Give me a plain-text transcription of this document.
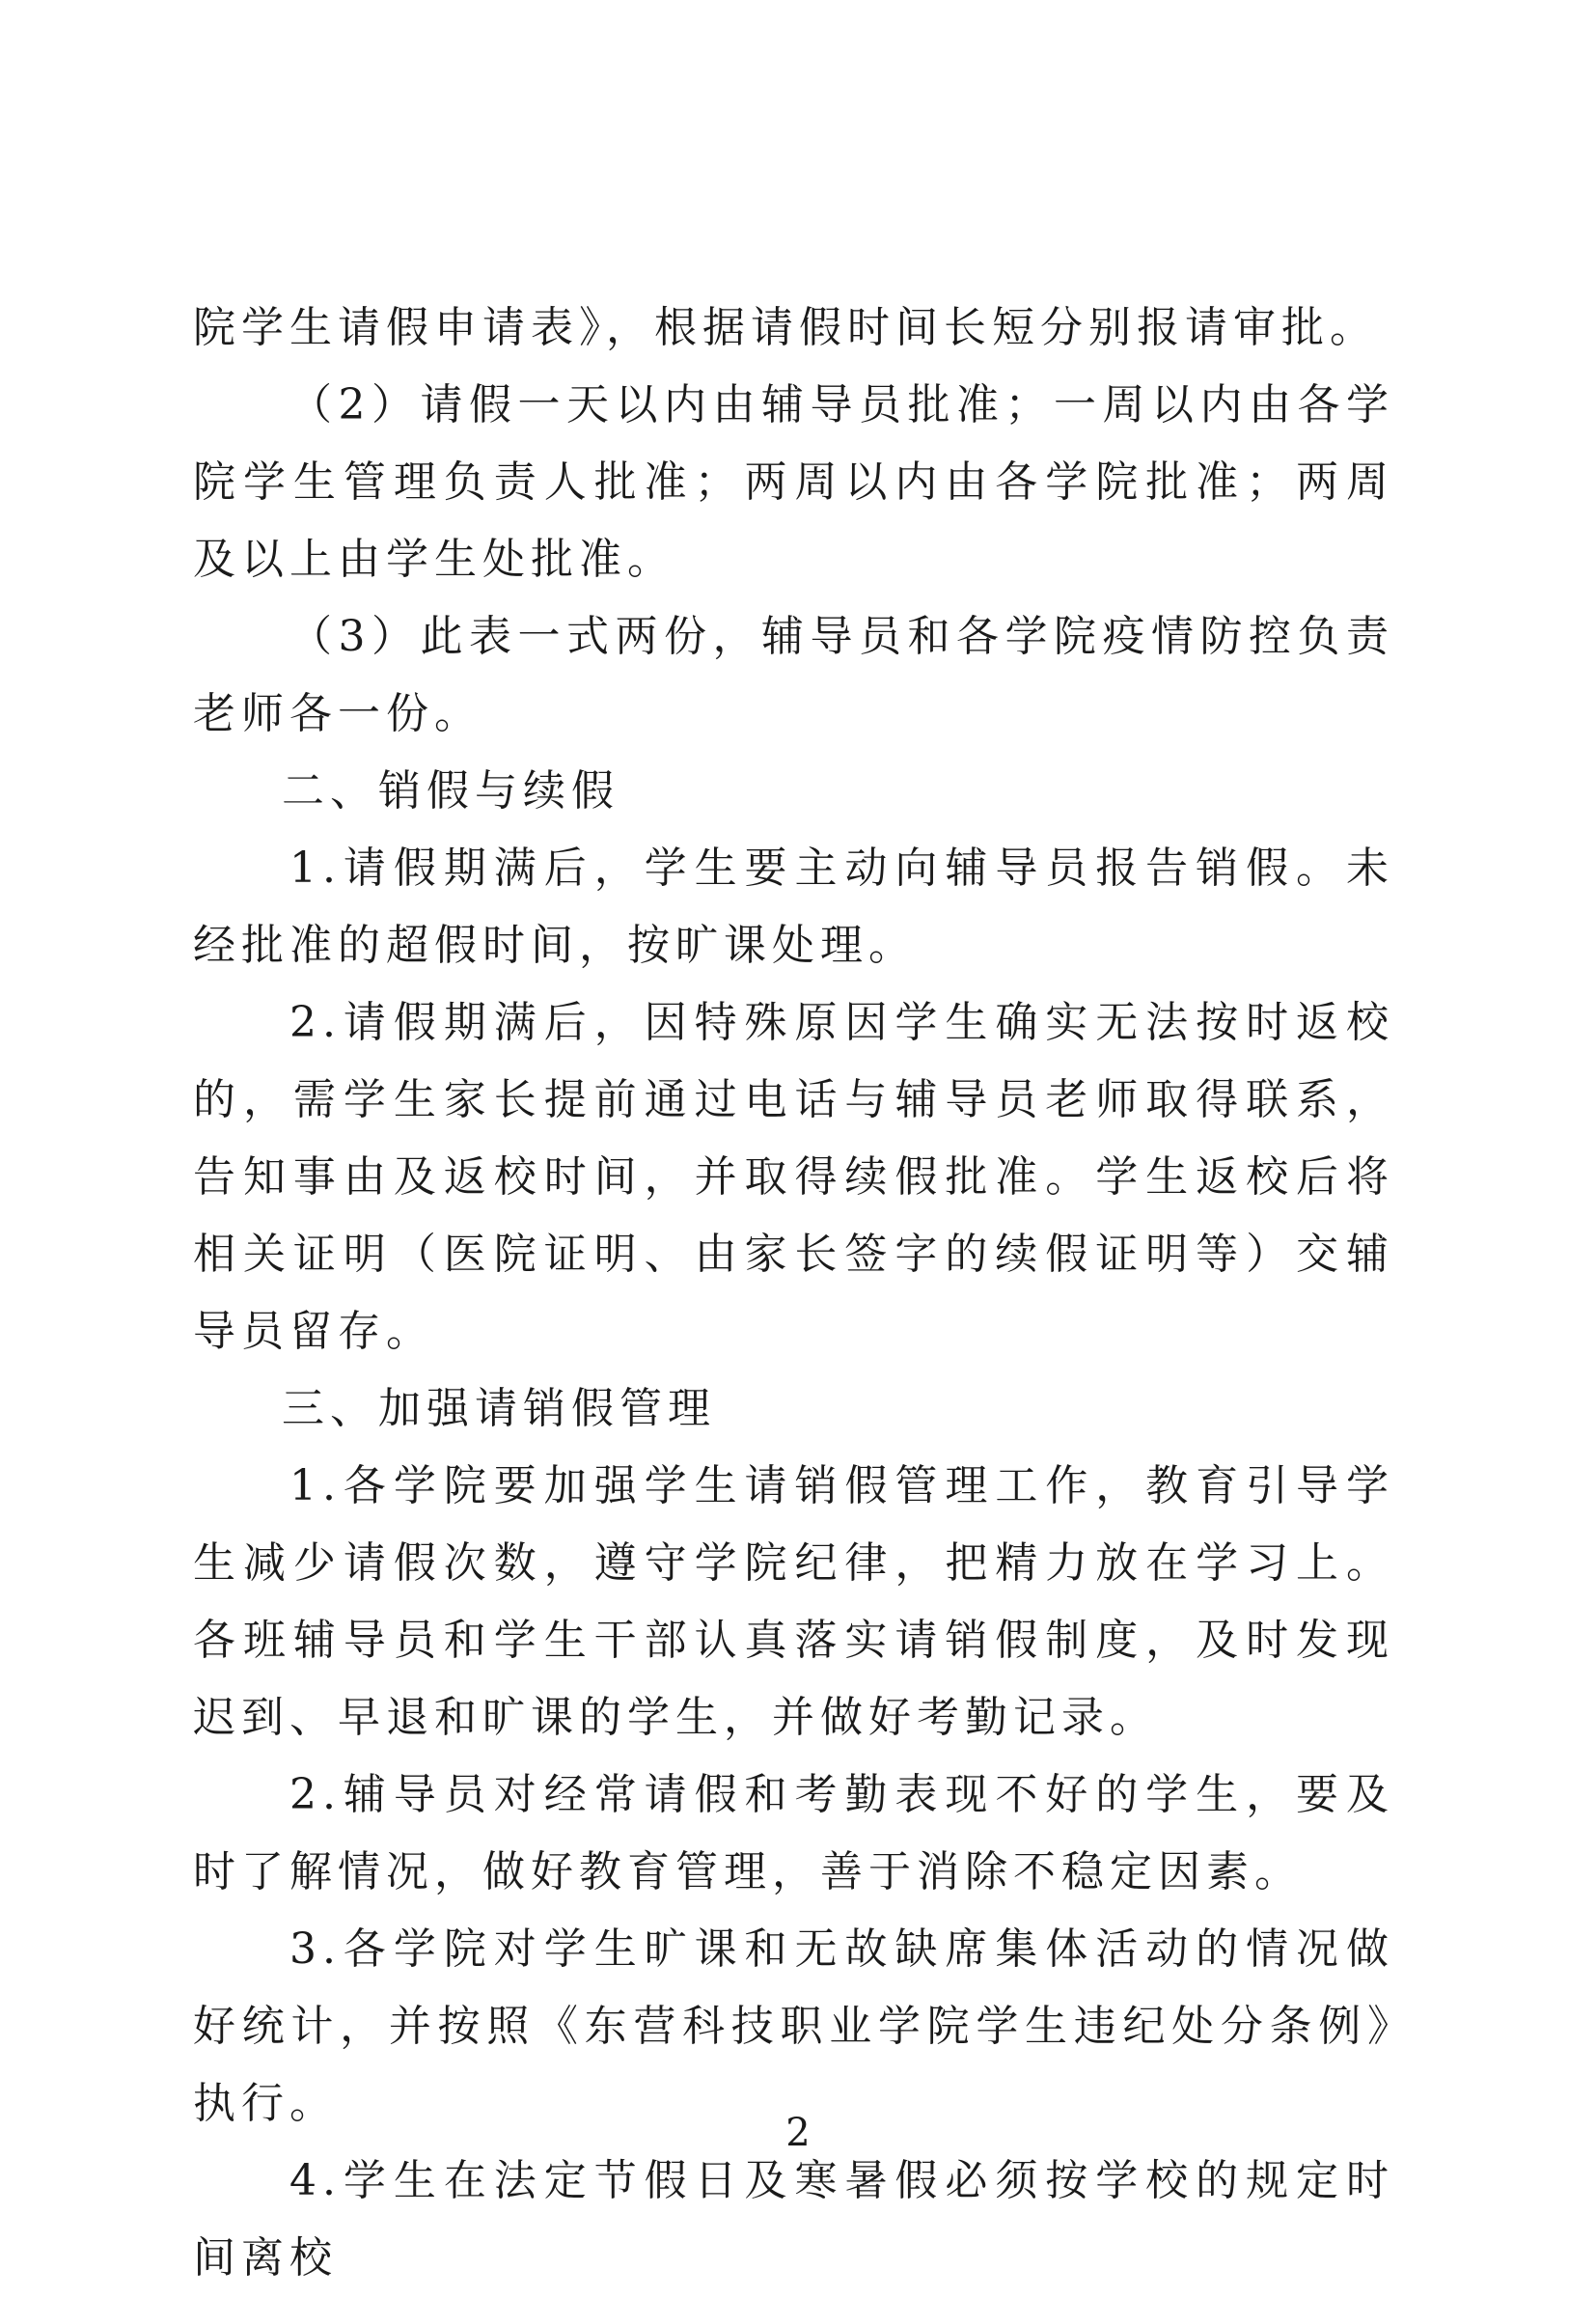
院学生请假申请表》，根据请假时间长短分别报请审批。

（2）请假一天以内由辅导员批准；一周以内由各学院学生管理负责人批准；两周以内由各学院批准；两周及以上由学生处批准。

（3）此表一式两份，辅导员和各学院疫情防控负责老师各一份。

二、销假与续假

1.请假期满后，学生要主动向辅导员报告销假。未经批准的超假时间，按旷课处理。

2.请假期满后，因特殊原因学生确实无法按时返校的，需学生家长提前通过电话与辅导员老师取得联系，告知事由及返校时间，并取得续假批准。学生返校后将相关证明（医院证明、由家长签字的续假证明等）交辅导员留存。

三、加强请销假管理

1.各学院要加强学生请销假管理工作，教育引导学生减少请假次数，遵守学院纪律，把精力放在学习上。各班辅导员和学生干部认真落实请销假制度，及时发现迟到、早退和旷课的学生，并做好考勤记录。

2.辅导员对经常请假和考勤表现不好的学生，要及时了解情况，做好教育管理，善于消除不稳定因素。

3.各学院对学生旷课和无故缺席集体活动的情况做好统计，并按照《东营科技职业学院学生违纪处分条例》执行。

4.学生在法定节假日及寒暑假必须按学校的规定时间离校

2
